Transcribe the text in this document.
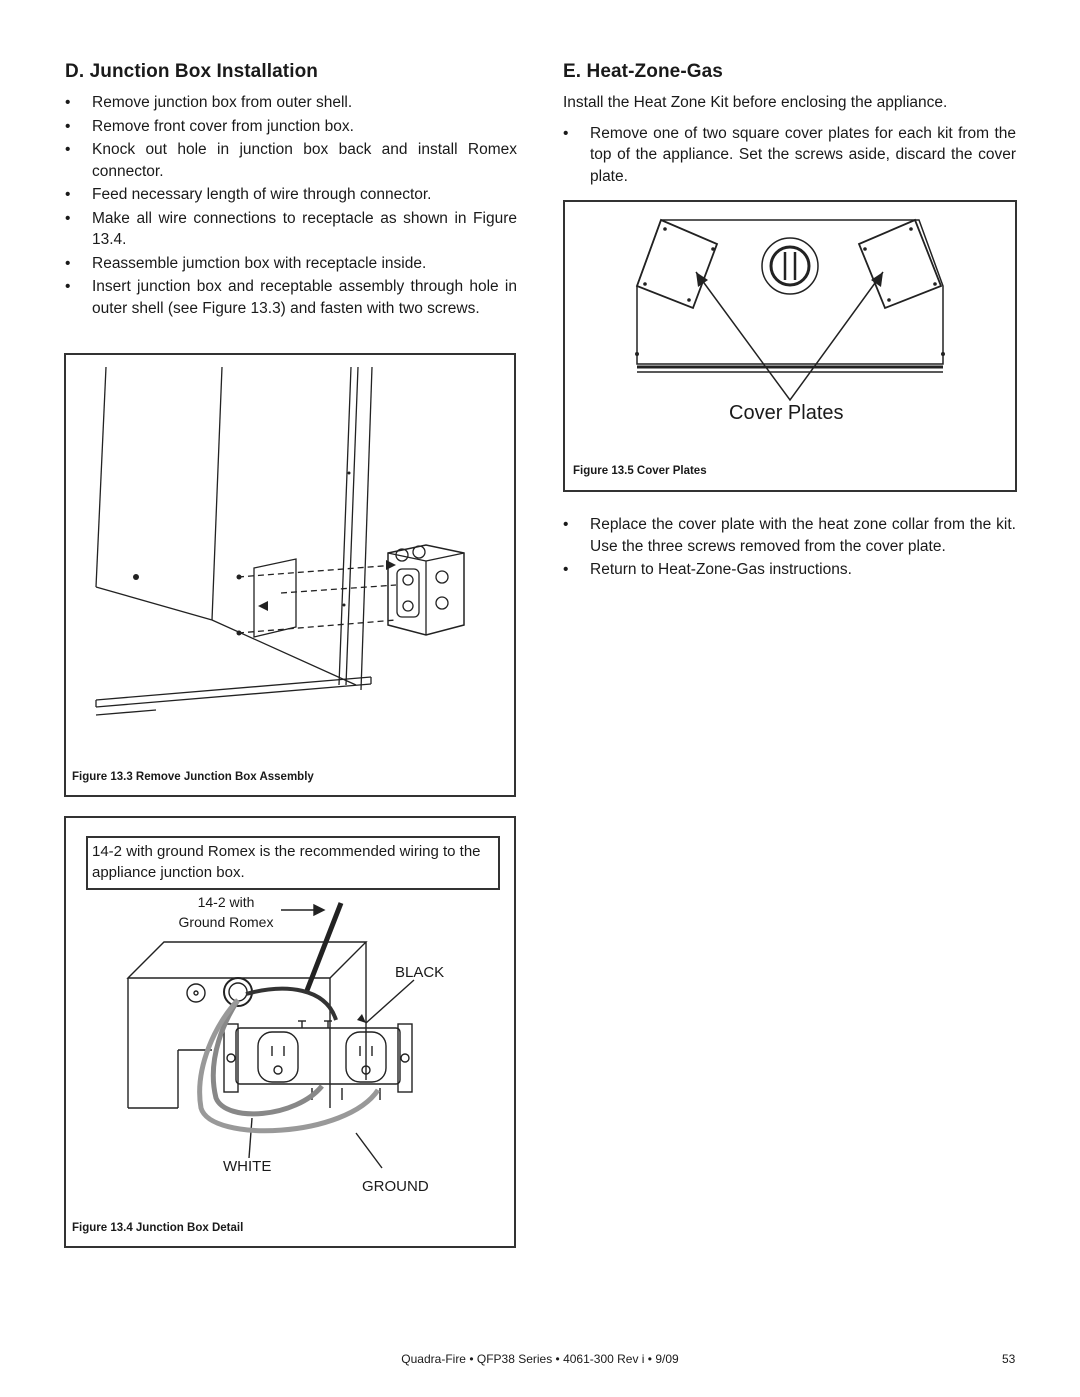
D. Junction Box Installation
• Remove junction box from outer shell.
• Remove front cover from junction box.
• Knock out hole in junction box back and install Romex connector.
• Feed necessary length of wire through connector.
• Make all wire connections to receptacle as shown in Figure 13.4.
• Reassemble jumction box with receptacle inside.
• Insert junction box and receptable assembly through hole in outer shell (see Figure 13.3) and fasten with two screws.
Figure 13.3 Remove Junction Box Assembly
14-2 with ground Romex is the recommended wiring to the appliance junction box.
14-2 with
Ground Romex
BLACK
WHITE
GROUND
Figure 13.4 Junction Box Detail
E. Heat-Zone-Gas

Install the Heat Zone Kit before enclosing the appliance.

• Remove one of two square cover plates for each kit from the top of the appliance. Set the screws aside, discard the cover plate.
Cover Plates
Figure 13.5 Cover Plates
• Replace the cover plate with the heat zone collar from the kit. Use the three screws removed from the cover plate.
• Return to Heat-Zone-Gas instructions.
Quadra-Fire • QFP38 Series • 4061-300 Rev i • 9/09	53
